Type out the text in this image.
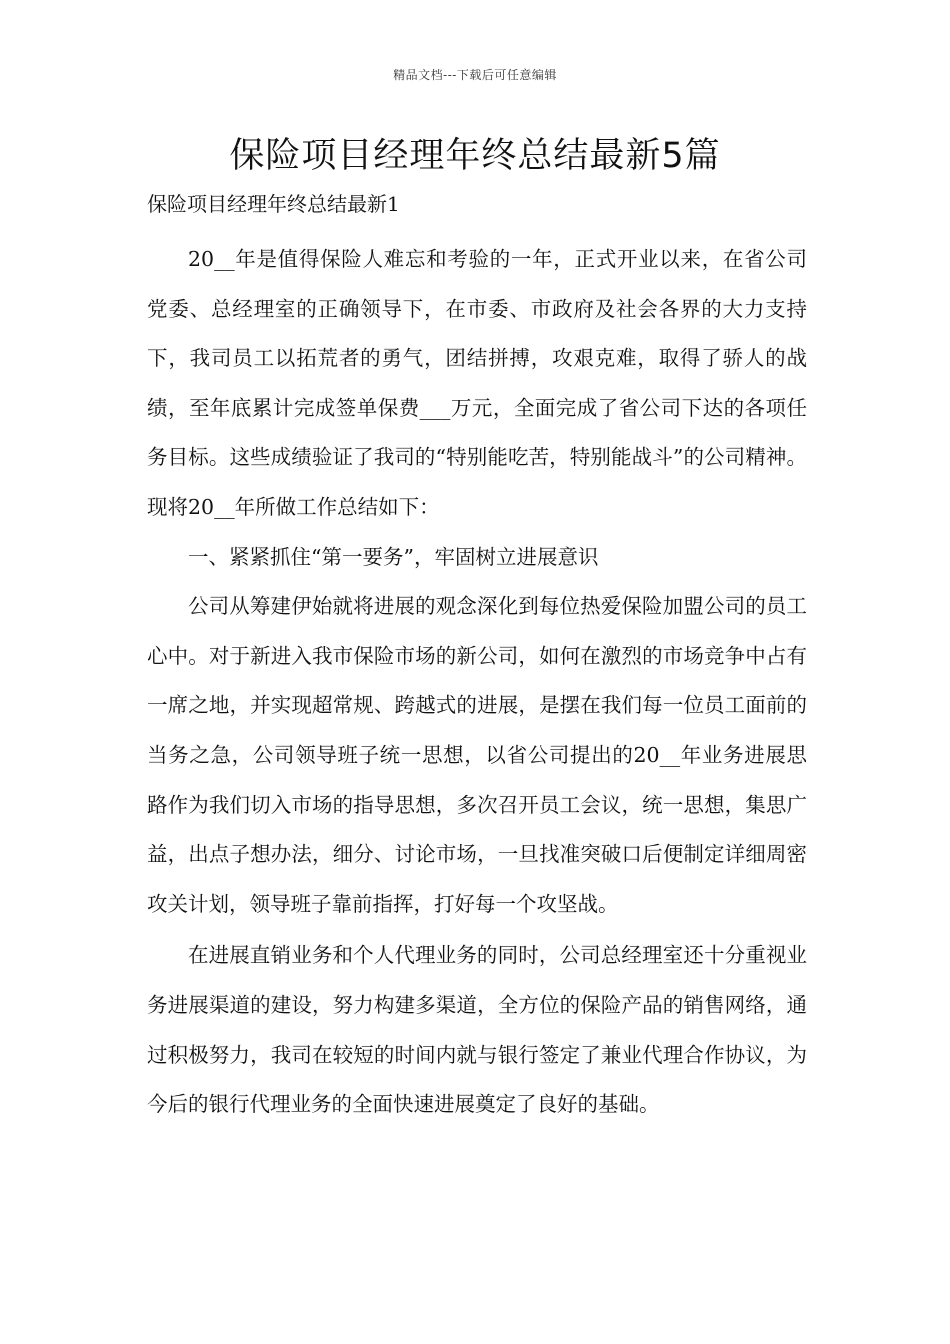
精品文档---下载后可任意编辑
保险项目经理年终总结最新5篇
保险项目经理年终总结最新1

20__年是值得保险人难忘和考验的一年，正式开业以来，在省公司党委、总经理室的正确领导下，在市委、市政府及社会各界的大力支持下，我司员工以拓荒者的勇气，团结拼搏，攻艰克难，取得了骄人的战绩，至年底累计完成签单保费___万元，全面完成了省公司下达的各项任务目标。这些成绩验证了我司的“特别能吃苦，特别能战斗”的公司精神。现将20__年所做工作总结如下：

一、紧紧抓住“第一要务”，牢固树立进展意识

公司从筹建伊始就将进展的观念深化到每位热爱保险加盟公司的员工心中。对于新进入我市保险市场的新公司，如何在激烈的市场竞争中占有一席之地，并实现超常规、跨越式的进展，是摆在我们每一位员工面前的当务之急，公司领导班子统一思想，以省公司提出的20__年业务进展思路作为我们切入市场的指导思想，多次召开员工会议，统一思想，集思广益，出点子想办法，细分、讨论市场，一旦找准突破口后便制定详细周密攻关计划，领导班子靠前指挥，打好每一个攻坚战。

在进展直销业务和个人代理业务的同时，公司总经理室还十分重视业务进展渠道的建设，努力构建多渠道，全方位的保险产品的销售网络，通过积极努力，我司在较短的时间内就与银行签定了兼业代理合作协议，为今后的银行代理业务的全面快速进展奠定了良好的基础。
